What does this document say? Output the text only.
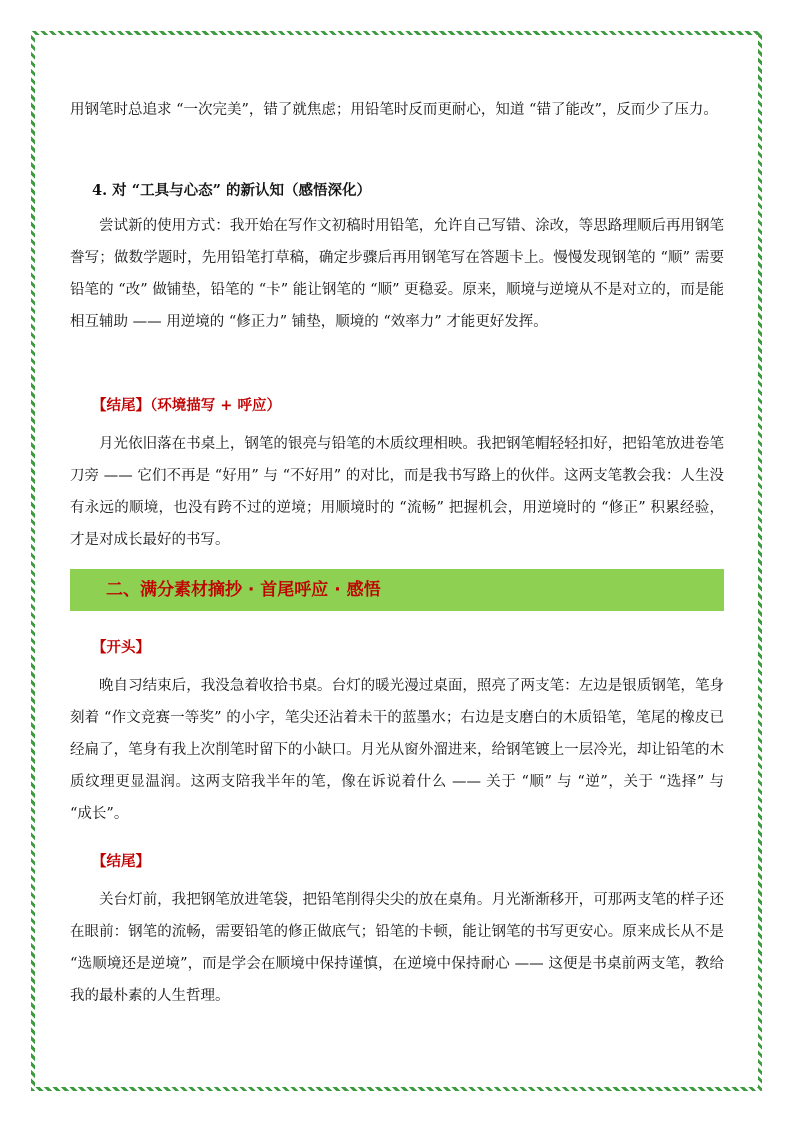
用钢笔时总追求 “一次完美”，错了就焦虑；用铅笔时反而更耐心，知道 “错了能改”，反而少了压力。

4. 对 “工具与心态” 的新认知（感悟深化）

尝试新的使用方式：我开始在写作文初稿时用铅笔，允许自己写错、涂改，等思路理顺后再用钢笔誊写；做数学题时，先用铅笔打草稿，确定步骤后再用钢笔写在答题卡上。慢慢发现钢笔的 “顺” 需要铅笔的 “改” 做铺垫，铅笔的 “卡” 能让钢笔的 “顺” 更稳妥。原来，顺境与逆境从不是对立的，而是能相互辅助 —— 用逆境的 “修正力” 铺垫，顺境的 “效率力” 才能更好发挥。

【结尾】（环境描写 + 呼应）

月光依旧落在书桌上，钢笔的银亮与铅笔的木质纹理相映。我把钢笔帽轻轻扣好，把铅笔放进卷笔刀旁 —— 它们不再是 “好用” 与 “不好用” 的对比，而是我书写路上的伙伴。这两支笔教会我：人生没有永远的顺境，也没有跨不过的逆境；用顺境时的 “流畅” 把握机会，用逆境时的 “修正” 积累经验，才是对成长最好的书写。

二、满分素材摘抄 · 首尾呼应 · 感悟
【开头】

晚自习结束后，我没急着收拾书桌。台灯的暖光漫过桌面，照亮了两支笔：左边是银质钢笔，笔身刻着 “作文竞赛一等奖” 的小字，笔尖还沾着未干的蓝墨水；右边是支磨白的木质铅笔，笔尾的橡皮已经扁了，笔身有我上次削笔时留下的小缺口。月光从窗外溜进来，给钢笔镀上一层冷光，却让铅笔的木质纹理更显温润。这两支陪我半年的笔，像在诉说着什么 —— 关于 “顺” 与 “逆”，关于 “选择” 与 “成长”。

【结尾】

关台灯前，我把钢笔放进笔袋，把铅笔削得尖尖的放在桌角。月光渐渐移开，可那两支笔的样子还在眼前：钢笔的流畅，需要铅笔的修正做底气；铅笔的卡顿，能让钢笔的书写更安心。原来成长从不是 “选顺境还是逆境”，而是学会在顺境中保持谨慎，在逆境中保持耐心 —— 这便是书桌前两支笔，教给我的最朴素的人生哲理。
